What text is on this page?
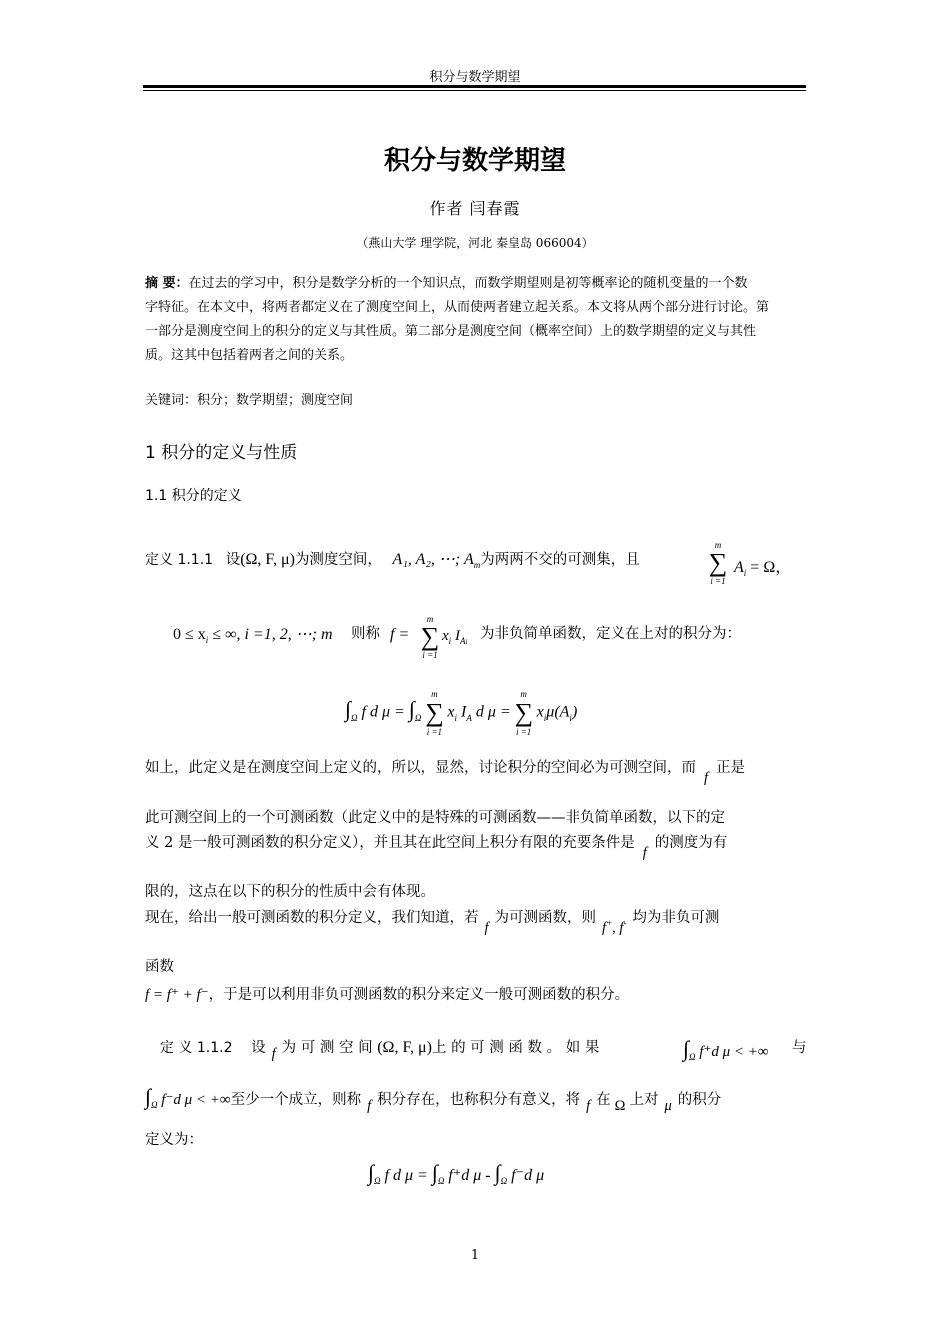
积分与数学期望
积分与数学期望
作者 闫春霞
（燕山大学 理学院，河北 秦皇岛 066004）
摘 要：在过去的学习中，积分是数学分析的一个知识点，而数学期望则是初等概率论的随机变量的一个数
字特征。在本文中，将两者都定义在了测度空间上，从而使两者建立起关系。本文将从两个部分进行讨论。第
一部分是测度空间上的积分的定义与其性质。第二部分是测度空间（概率空间）上的数学期望的定义与其性
质。这其中包括着两者之间的关系。
关键词：积分；数学期望；测度空间
1 积分的定义与性质
1.1 积分的定义
定义 1.1.1 设(Ω, F, μ)为测度空间， A₁, A₂, ⋯; $A_m$为两两不交的可测集，且
m
∑
i =1
$A_i = \Omega$，
$0 \le x_i$ ≤ ∞, i =1, 2, ⋯; m 则称 f =
m
∑
i =1
$x_i$ $I_{Ai}$ 为非负简单函数，定义在上对的积分为：
$\int_\Omega$ f d $\mu = \int_\Omega$
m
∑
i =1
$x_i$ $I_A$ d μ =
m
∑
i =1
$x_i\mu(A_i)$
如上，此定义是在测度空间上定义的，所以，显然，讨论积分的空间必为可测空间，而f正是
此可测空间上的一个可测函数（此定义中的是特殊的可测函数——非负简单函数，以下的定
义 2 是一般可测函数的积分定义），并且其在此空间上积分有限的充要条件是f的测度为有
限的，这点在以下的积分的性质中会有体现。
现在，给出一般可测函数的积分定义，我们知道，若f为可测函数，则f+, f- 均为非负可测
函数
f = f⁺ + f⁻，于是可以利用非负可测函数的积分来定义一般可测函数的积分。
定 义 1.1.2 设 f 为 可 测 空 间 (Ω, F, μ)上 的 可 测 函 数 。 如 果	$\int_\Omega$ f⁺d μ < +∞ 与
$\int_\Omega$ f⁻d μ < +∞至少一个成立，则称 f 积分存在，也称积分有意义，将 f 在 Ω 上对 μ 的积分
定义为：
$\int_\Omega$ f d $\mu = \int_\Omega$ f⁺d μ - $\int_\Omega$ f⁻d μ
1
